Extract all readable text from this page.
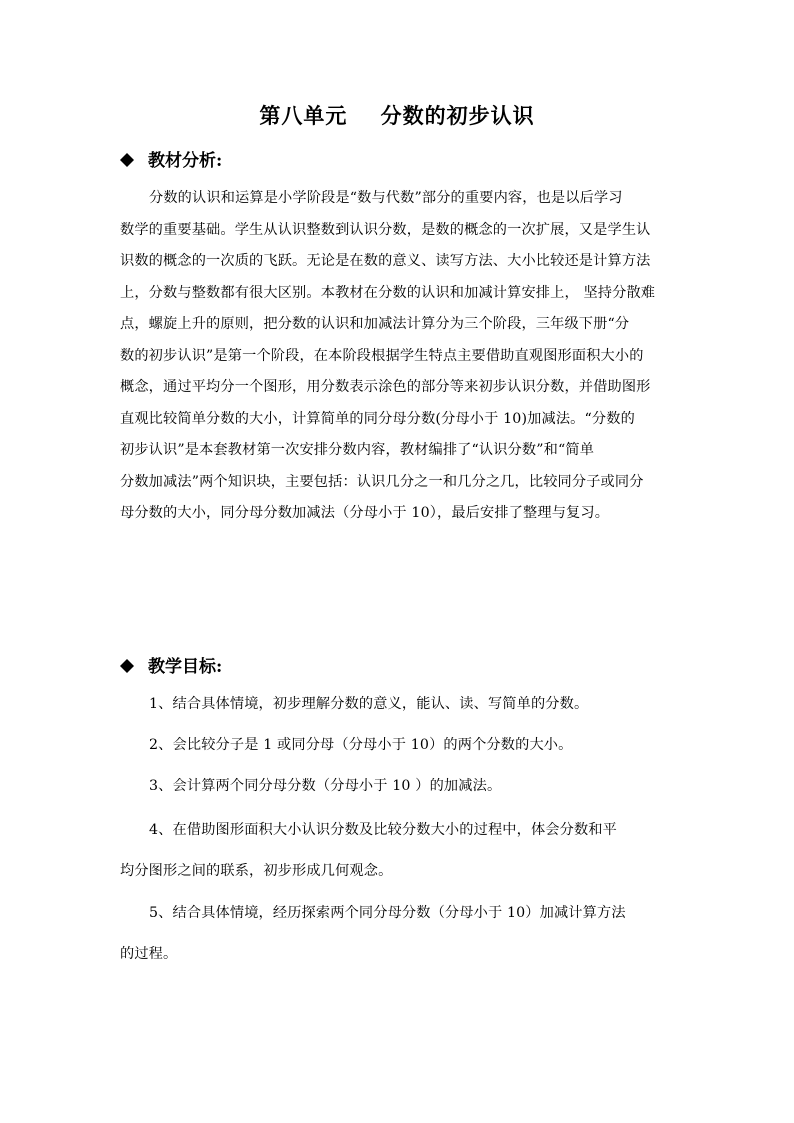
第八单元    分数的初步认识
教材分析:
分数的认识和运算是小学阶段是“数与代数”部分的重要内容，也是以后学习
数学的重要基础。学生从认识整数到认识分数，是数的概念的一次扩展，又是学生认
识数的概念的一次质的飞跃。无论是在数的意义、读写方法、大小比较还是计算方法
上，分数与整数都有很大区别。本教材在分数的认识和加减计算安排上， 坚持分散难
点，螺旋上升的原则，把分数的认识和加减法计算分为三个阶段，三年级下册“分
数的初步认识”是第一个阶段，在本阶段根据学生特点主要借助直观图形面积大小的
概念，通过平均分一个图形，用分数表示涂色的部分等来初步认识分数，并借助图形
直观比较简单分数的大小，计算简单的同分母分数(分母小于 10)加减法。“分数的
初步认识”是本套教材第一次安排分数内容，教材编排了“认识分数”和“简单
分数加减法”两个知识块，主要包括：认识几分之一和几分之几，比较同分子或同分
母分数的大小，同分母分数加减法（分母小于 10），最后安排了整理与复习。
教学目标:
1、结合具体情境，初步理解分数的意义，能认、读、写简单的分数。
2、会比较分子是 1 或同分母（分母小于 10）的两个分数的大小。
3、会计算两个同分母分数（分母小于 10 ）的加减法。
4、在借助图形面积大小认识分数及比较分数大小的过程中，体会分数和平
均分图形之间的联系，初步形成几何观念。
5、结合具体情境，经历探索两个同分母分数（分母小于 10）加减计算方法
的过程。
